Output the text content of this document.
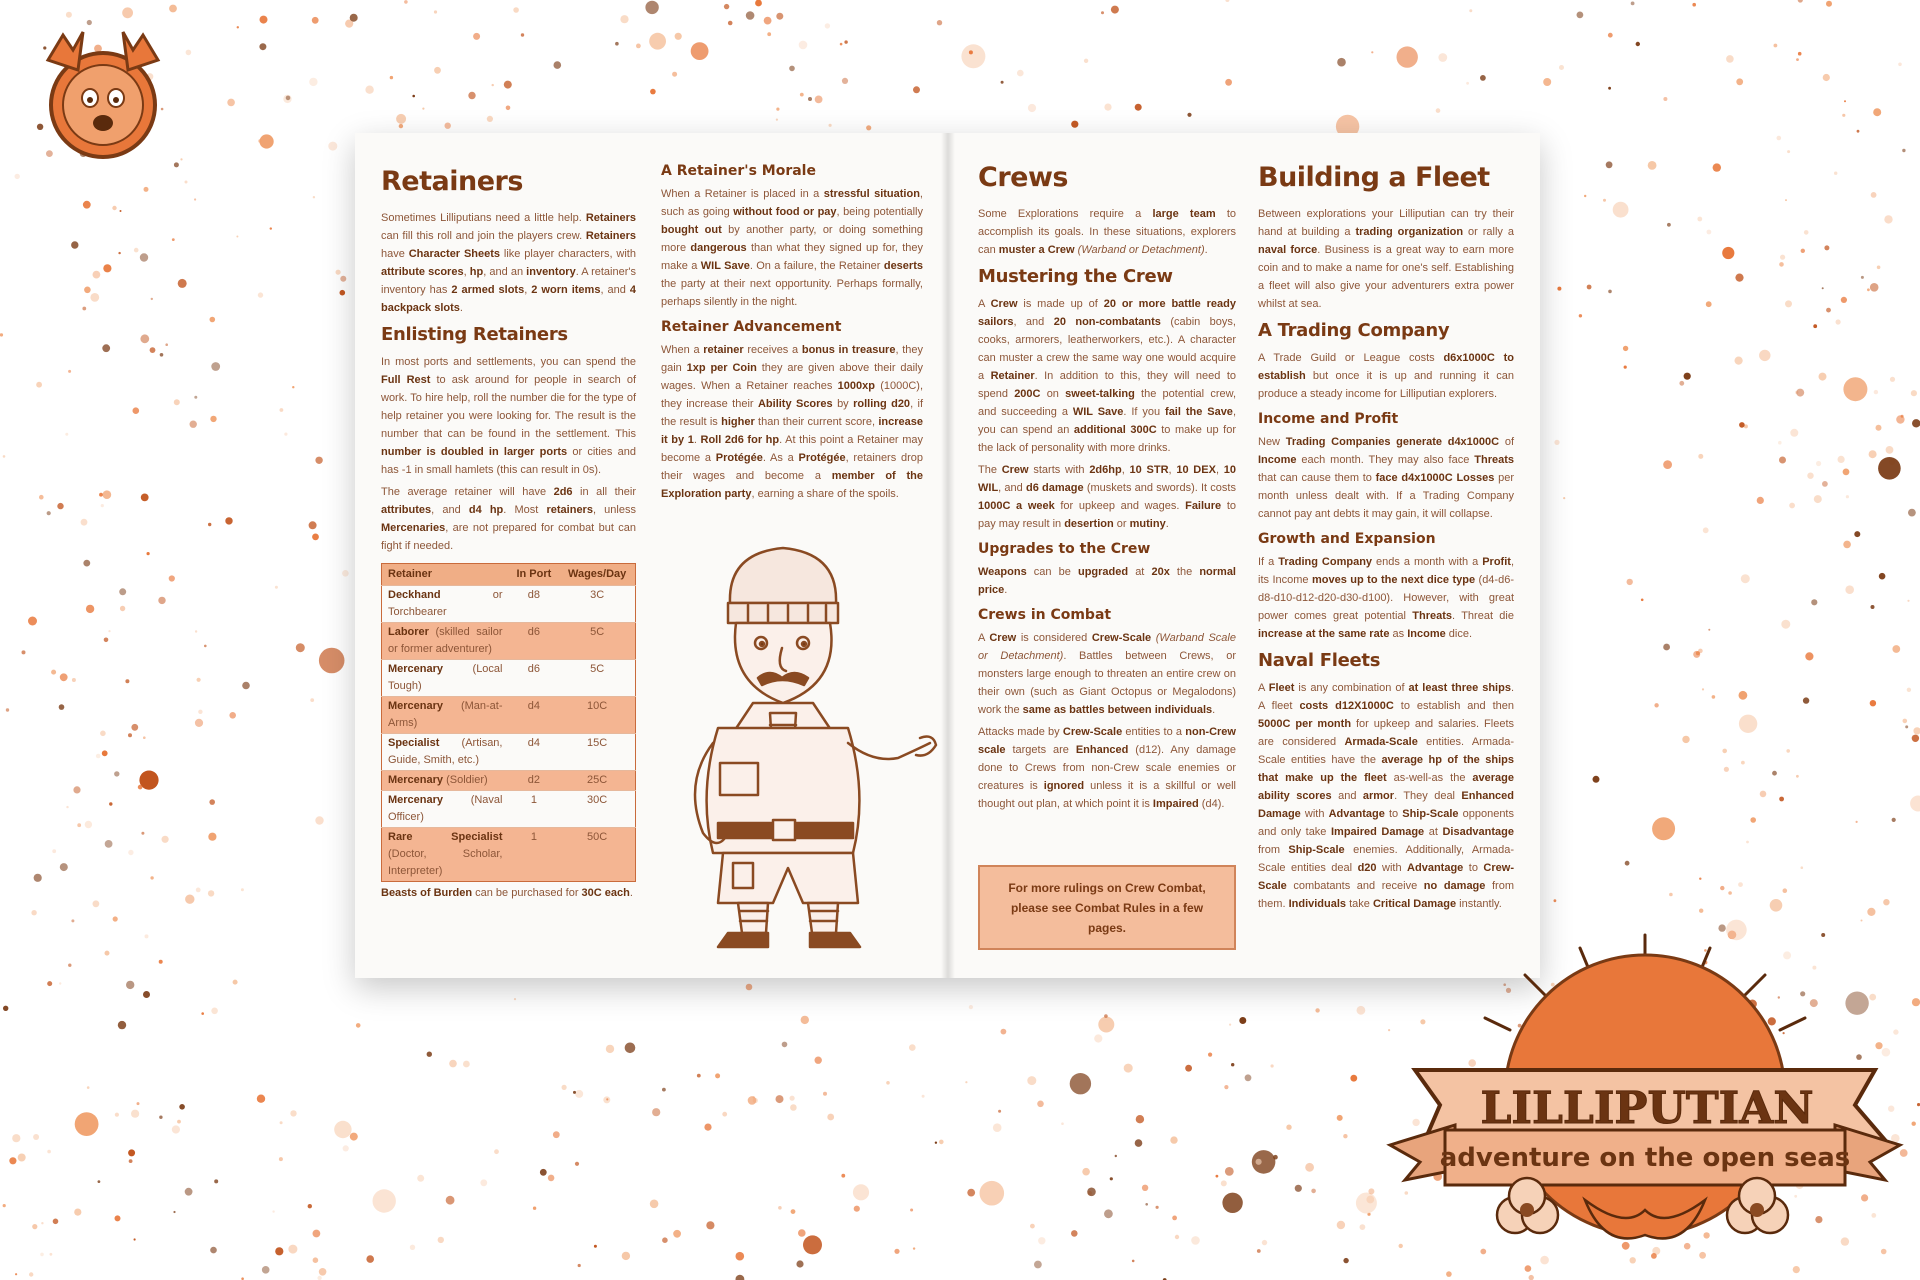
Retainers

Sometimes Lilliputians need a little help. Retainers can fill this roll and join the players crew. Retainers have Character Sheets like player characters, with attribute scores, hp, and an inventory. A retainer's inventory has 2 armed slots, 2 worn items, and 4 backpack slots.

Enlisting Retainers

In most ports and settlements, you can spend the Full Rest to ask around for people in search of work. To hire help, roll the number die for the type of help retainer you were looking for. The result is the number that can be found in the settlement. This number is doubled in larger ports or cities and has -1 in small hamlets (this can result in 0s).

The average retainer will have 2d6 in all their attributes, and d4 hp. Most retainers, unless Mercenaries, are not prepared for combat but can fight if needed.

Retainer	In Port	Wages/Day
Deckhand or Torchbearer	d8	3C
Laborer (skilled sailor or former adventurer)	d6	5C
Mercenary (Local Tough)	d6	5C
Mercenary (Man-at-Arms)	d4	10C
Specialist (Artisan, Guide, Smith, etc.)	d4	15C
Mercenary (Soldier)	d2	25C
Mercenary (Naval Officer)	1	30C
Rare Specialist (Doctor, Scholar, Interpreter)	1	50C

Beasts of Burden can be purchased for 30C each.

A Retainer's Morale

When a Retainer is placed in a stressful situation, such as going without food or pay, being potentially bought out by another party, or doing something more dangerous than what they signed up for, they make a WIL Save. On a failure, the Retainer deserts the party at their next opportunity. Perhaps formally, perhaps silently in the night.

Retainer Advancement

When a retainer receives a bonus in treasure, they gain 1xp per Coin they are given above their daily wages. When a Retainer reaches 1000xp (1000C), they increase their Ability Scores by rolling d20, if the result is higher than their current score, increase it by 1. Roll 2d6 for hp. At this point a Retainer may become a Protégée. As a Protégée, retainers drop their wages and become a member of the Exploration party, earning a share of the spoils.

Crews

Some Explorations require a large team to accomplish its goals. In these situations, explorers can muster a Crew (Warband or Detachment).

Mustering the Crew

A Crew is made up of 20 or more battle ready sailors, and 20 non-combatants (cabin boys, cooks, armorers, leatherworkers, etc.). A character can muster a crew the same way one would acquire a Retainer. In addition to this, they will need to spend 200C on sweet-talking the potential crew, and succeeding a WIL Save. If you fail the Save, you can spend an additional 300C to make up for the lack of personality with more drinks.

The Crew starts with 2d6hp, 10 STR, 10 DEX, 10 WIL, and d6 damage (muskets and swords). It costs 1000C a week for upkeep and wages. Failure to pay may result in desertion or mutiny.

Upgrades to the Crew

Weapons can be upgraded at 20x the normal price.

Crews in Combat

A Crew is considered Crew-Scale (Warband Scale or Detachment). Battles between Crews, or monsters large enough to threaten an entire crew on their own (such as Giant Octopus or Megalodons) work the same as battles between individuals.

Attacks made by Crew-Scale entities to a non-Crew scale targets are Enhanced (d12). Any damage done to Crews from non-Crew scale enemies or creatures is ignored unless it is a skillful or well thought out plan, at which point it is Impaired (d4).

For more rulings on Crew Combat, please see Combat Rules in a few pages.
Building a Fleet

Between explorations your Lilliputian can try their hand at building a trading organization or rally a naval force. Business is a great way to earn more coin and to make a name for one's self. Establishing a fleet will also give your adventurers extra power whilst at sea.

A Trading Company

A Trade Guild or League costs d6x1000C to establish but once it is up and running it can produce a steady income for Lilliputian explorers.

Income and Profit

New Trading Companies generate d4x1000C of Income each month. They may also face Threats that can cause them to face d4x1000C Losses per month unless dealt with. If a Trading Company cannot pay ant debts it may gain, it will collapse.

Growth and Expansion

If a Trading Company ends a month with a Profit, its Income moves up to the next dice type (d4-d6-d8-d10-d12-d20-d30-d100). However, with great power comes great potential Threats. Threat die increase at the same rate as Income dice.

Naval Fleets

A Fleet is any combination of at least three ships. A fleet costs d12X1000C to establish and then 5000C per month for upkeep and salaries. Fleets are considered Armada-Scale entities. Armada-Scale entities have the average hp of the ships that make up the fleet as-well-as the average ability scores and armor. They deal Enhanced Damage with Advantage to Ship-Scale opponents and only take Impaired Damage at Disadvantage from Ship-Scale enemies. Additionally, Armada-Scale entities deal d20 with Advantage to Crew-Scale combatants and receive no damage from them. Individuals take Critical Damage instantly.

LILLIPUTIAN
adventure on the open seas
